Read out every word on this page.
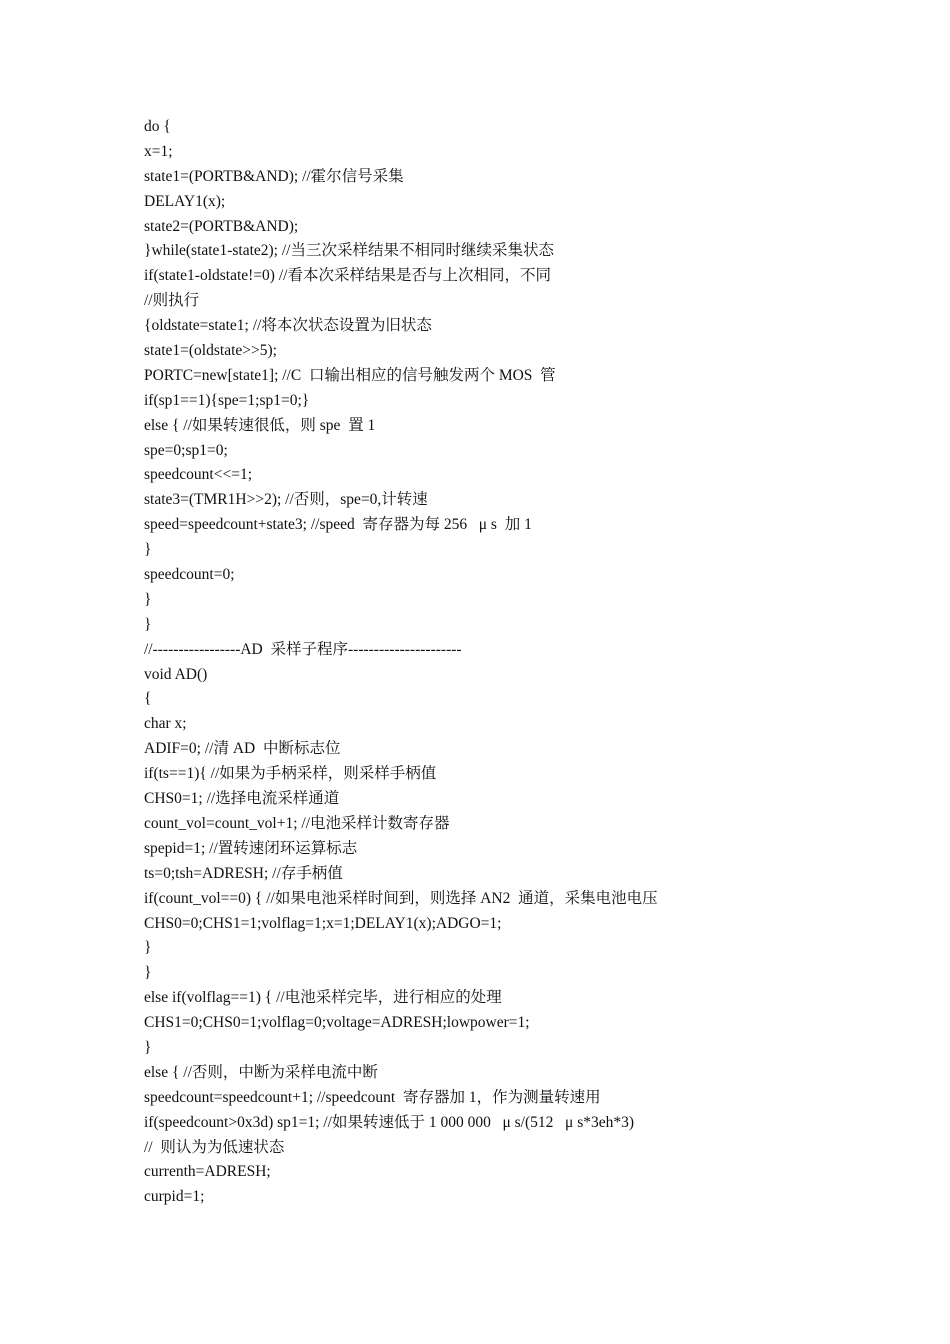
do {
x=1;
state1=(PORTB&AND); //霍尔信号采集
DELAY1(x);
state2=(PORTB&AND);
}while(state1-state2); //当三次采样结果不相同时继续采集状态
if(state1-oldstate!=0) //看本次采样结果是否与上次相同，不同
//则执行
{oldstate=state1; //将本次状态设置为旧状态
state1=(oldstate>>5);
PORTC=new[state1]; //C  口输出相应的信号触发两个 MOS  管
if(sp1==1){spe=1;sp1=0;}
else { //如果转速很低，则 spe  置 1
spe=0;sp1=0;
speedcount<<=1;
state3=(TMR1H>>2); //否则，spe=0,计转速
speed=speedcount+state3; //speed  寄存器为每 256   μ s  加 1
}
speedcount=0;
}
}
//-----------------AD  采样子程序----------------------
void AD()
{
char x;
ADIF=0; //清 AD  中断标志位
if(ts==1){ //如果为手柄采样，则采样手柄值
CHS0=1; //选择电流采样通道
count_vol=count_vol+1; //电池采样计数寄存器
spepid=1; //置转速闭环运算标志
ts=0;tsh=ADRESH; //存手柄值
if(count_vol==0) { //如果电池采样时间到，则选择 AN2  通道，采集电池电压
CHS0=0;CHS1=1;volflag=1;x=1;DELAY1(x);ADGO=1;
}
}
else if(volflag==1) { //电池采样完毕，进行相应的处理
CHS1=0;CHS0=1;volflag=0;voltage=ADRESH;lowpower=1;
}
else { //否则，中断为采样电流中断
speedcount=speedcount+1; //speedcount  寄存器加 1，作为测量转速用
if(speedcount>0x3d) sp1=1; //如果转速低于 1 000 000   μ s/(512   μ s*3eh*3)
//  则认为为低速状态
currenth=ADRESH;
curpid=1;
